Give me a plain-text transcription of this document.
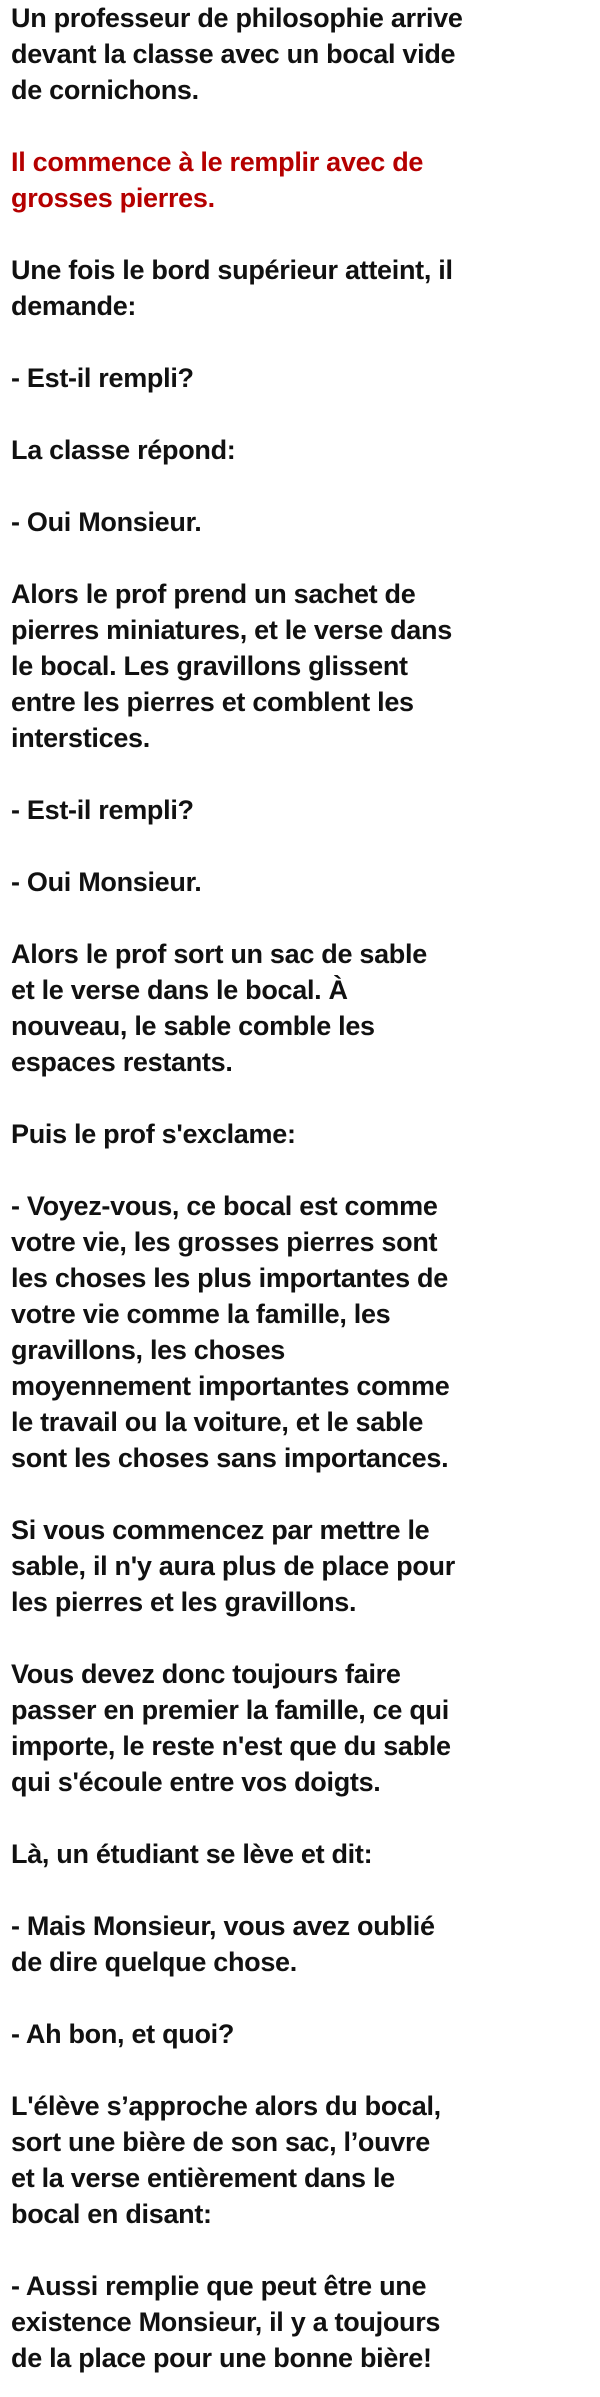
Un professeur de philosophie arrive
devant la classe avec un bocal vide
de cornichons.

Il commence à le remplir avec de
grosses pierres.

Une fois le bord supérieur atteint, il
demande:

- Est-il rempli?

La classe répond:

- Oui Monsieur.

Alors le prof prend un sachet de
pierres miniatures, et le verse dans
le bocal. Les gravillons glissent
entre les pierres et comblent les
interstices.

- Est-il rempli?

- Oui Monsieur.

Alors le prof sort un sac de sable
et le verse dans le bocal. À
nouveau, le sable comble les
espaces restants.

Puis le prof s'exclame:

- Voyez-vous, ce bocal est comme
votre vie, les grosses pierres sont
les choses les plus importantes de
votre vie comme la famille, les
gravillons, les choses
moyennement importantes comme
le travail ou la voiture, et le sable
sont les choses sans importances.

Si vous commencez par mettre le
sable, il n'y aura plus de place pour
les pierres et les gravillons.

Vous devez donc toujours faire
passer en premier la famille, ce qui
importe, le reste n'est que du sable
qui s'écoule entre vos doigts.

Là, un étudiant se lève et dit:

- Mais Monsieur, vous avez oublié
de dire quelque chose.

- Ah bon, et quoi?

L'élève s’approche alors du bocal,
sort une bière de son sac, l’ouvre
et la verse entièrement dans le
bocal en disant:

- Aussi remplie que peut être une
existence Monsieur, il y a toujours
de la place pour une bonne bière!
